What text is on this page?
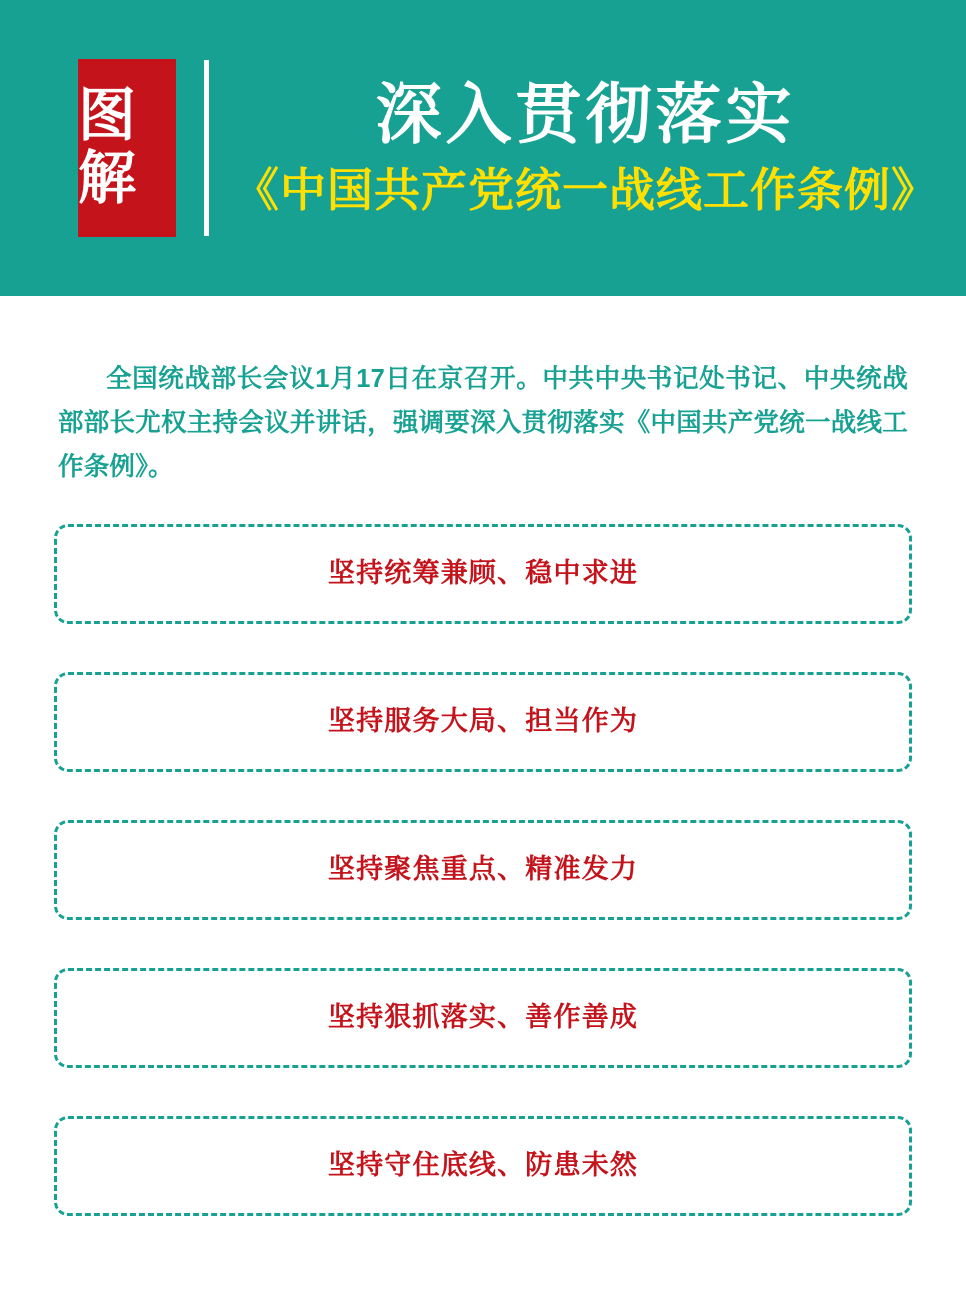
图解
深入贯彻落实
《中国共产党统一战线工作条例》

全国统战部长会议1月17日在京召开。中共中央书记处书记、中央统战部部长尤权主持会议并讲话，强调要深入贯彻落实《中国共产党统一战线工作条例》。

坚持统筹兼顾、稳中求进
坚持服务大局、担当作为
坚持聚焦重点、精准发力
坚持狠抓落实、善作善成
坚持守住底线、防患未然
